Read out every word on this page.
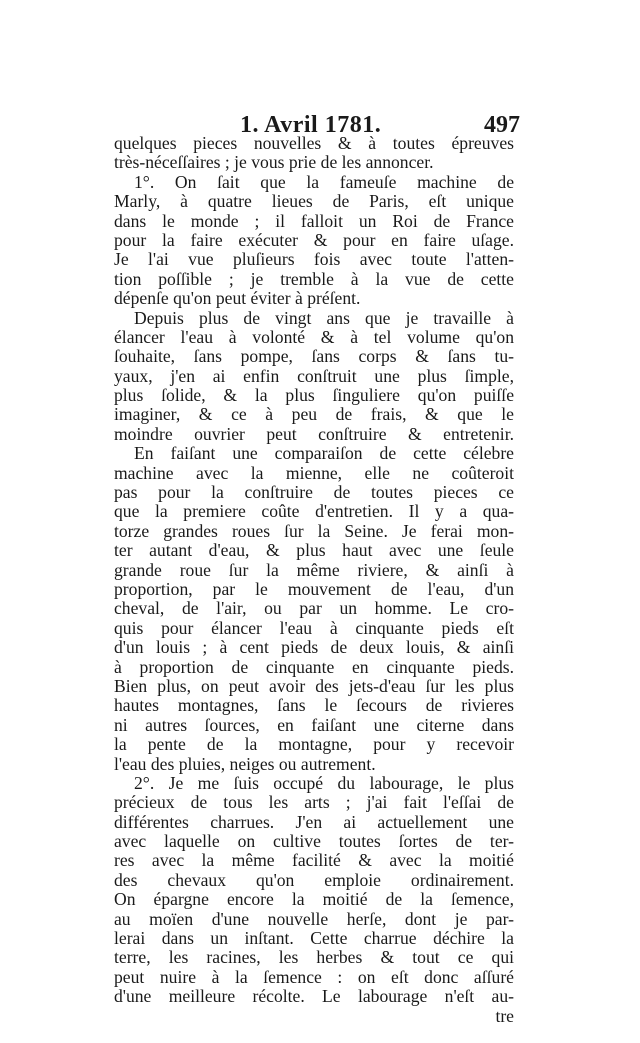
1. Avril 1781.	497
quelques pieces nouvelles & à toutes épreuves
très-néceſſaires ; je vous prie de les annoncer.
1°. On ſait que la fameuſe machine de
Marly, à quatre lieues de Paris, eſt unique
dans le monde ; il falloit un Roi de France
pour la faire exécuter & pour en faire uſage.
Je l'ai vue pluſieurs fois avec toute l'atten-
tion poſſible ; je tremble à la vue de cette
dépenſe qu'on peut éviter à préſent.
Depuis plus de vingt ans que je travaille à
élancer l'eau à volonté & à tel volume qu'on
ſouhaite, ſans pompe, ſans corps & ſans tu-
yaux, j'en ai enfin conſtruit une plus ſimple,
plus ſolide, & la plus ſinguliere qu'on puiſſe
imaginer, & ce à peu de frais, & que le
moindre ouvrier peut conſtruire & entretenir.
En faiſant une comparaiſon de cette célebre
machine avec la mienne, elle ne coûteroit
pas pour la conſtruire de toutes pieces ce
que la premiere coûte d'entretien. Il y a qua-
torze grandes roues ſur la Seine. Je ferai mon-
ter autant d'eau, & plus haut avec une ſeule
grande roue ſur la même riviere, & ainſi à
proportion, par le mouvement de l'eau, d'un
cheval, de l'air, ou par un homme. Le cro-
quis pour élancer l'eau à cinquante pieds eſt
d'un louis ; à cent pieds de deux louis, & ainſi
à proportion de cinquante en cinquante pieds.
Bien plus, on peut avoir des jets-d'eau ſur les plus
hautes montagnes, ſans le ſecours de rivieres
ni autres ſources, en faiſant une citerne dans
la pente de la montagne, pour y recevoir
l'eau des pluies, neiges ou autrement.
2°. Je me ſuis occupé du labourage, le plus
précieux de tous les arts ; j'ai fait l'eſſai de
différentes charrues. J'en ai actuellement une
avec laquelle on cultive toutes ſortes de ter-
res avec la même facilité & avec la moitié
des chevaux qu'on emploie ordinairement.
On épargne encore la moitié de la ſemence,
au moïen d'une nouvelle herſe, dont je par-
lerai dans un inſtant. Cette charrue déchire la
terre, les racines, les herbes & tout ce qui
peut nuire à la ſemence : on eſt donc aſſuré
d'une meilleure récolte. Le labourage n'eſt au-
tre
